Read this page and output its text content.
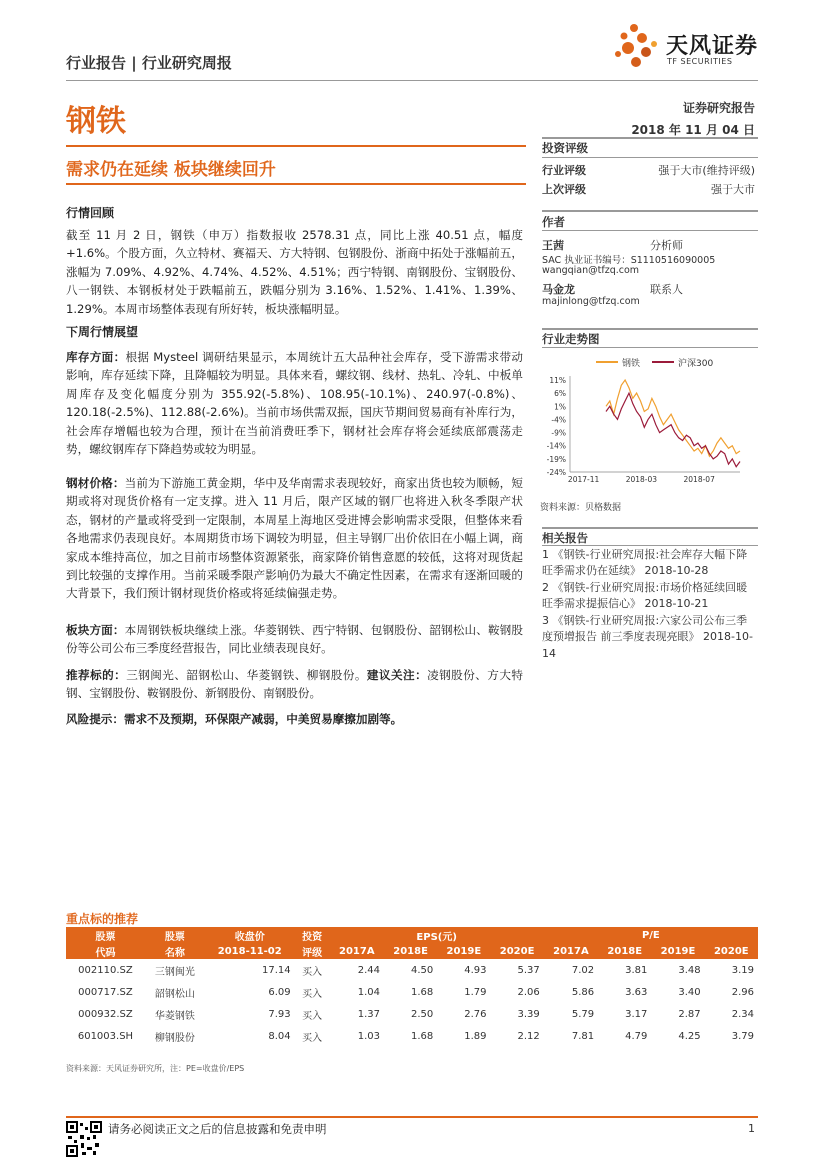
行业报告 | 行业研究周报
天风证券
TF SECURITIES
钢铁	证券研究报告
2018 年 11 月 04 日
需求仍在延续 板块继续回升
行情回顾
截至 11 月 2 日，钢铁（申万）指数报收 2578.31 点，同比上涨 40.51 点，幅度+1.6%。个股方面，久立特材、赛福天、方大特钢、包钢股份、浙商中拓处于涨幅前五，涨幅为 7.09%、4.92%、4.74%、4.52%、4.51%；西宁特钢、南钢股份、宝钢股份、八一钢铁、本钢板材处于跌幅前五，跌幅分别为 3.16%、1.52%、1.41%、1.39%、1.29%。本周市场整体表现有所好转，板块涨幅明显。
下周行情展望
库存方面：根据 Mysteel 调研结果显示，本周统计五大品种社会库存，受下游需求带动影响，库存延续下降，且降幅较为明显。具体来看，螺纹钢、线材、热轧、冷轧、中板单周库存及变化幅度分别为 355.92(-5.8%)、108.95(-10.1%)、240.97(-0.8%)、120.18(-2.5%)、112.88(-2.6%)。当前市场供需双振，国庆节期间贸易商有补库行为，社会库存增幅也较为合理，预计在当前消费旺季下，钢材社会库存将会延续底部震荡走势，螺纹钢库存下降趋势或较为明显。
钢材价格：当前为下游施工黄金期，华中及华南需求表现较好，商家出货也较为顺畅，短期或将对现货价格有一定支撑。进入 11 月后，限产区域的钢厂也将进入秋冬季限产状态，钢材的产量或将受到一定限制，本周星上海地区受进博会影响需求受限，但整体来看各地需求仍表现良好。本周期货市场下调较为明显，但主导钢厂出价依旧在小幅上调，商家成本维持高位，加之目前市场整体资源紧张，商家降价销售意愿的较低，这将对现货起到比较强的支撑作用。当前采暖季限产影响仍为最大不确定性因素，在需求有逐渐回暖的大背景下，我们预计钢材现货价格或将延续偏强走势。
板块方面：本周钢铁板块继续上涨。华菱钢铁、西宁特钢、包钢股份、韶钢松山、鞍钢股份等公司公布三季度经营报告，同比业绩表现良好。
推荐标的：三钢闽光、韶钢松山、华菱钢铁、柳钢股份。建议关注：凌钢股份、方大特钢、宝钢股份、鞍钢股份、新钢股份、南钢股份。
风险提示：需求不及预期，环保限产减弱，中美贸易摩擦加剧等。
投资评级
行业评级	强于大市(维持评级)
上次评级	强于大市
作者
王茜	分析师
SAC 执业证书编号：S1110516090005
wangqian@tfzq.com
马金龙	联系人
majinlong@tfzq.com
行业走势图
钢铁	沪深300
11%
6%
1%
-4%
-9%
-14%
-19%
-24%
2017-11	2018-03	2018-07
资料来源：贝格数据
相关报告
1 《钢铁-行业研究周报:社会库存大幅下降 旺季需求仍在延续》 2018-10-28
2 《钢铁-行业研究周报:市场价格延续回暖 旺季需求提振信心》 2018-10-21
3 《钢铁-行业研究周报:六家公司公布三季度预增报告 前三季度表现亮眼》 2018-10-14
重点标的推荐
股票	股票	收盘价	投资	EPS(元)				P/E			
代码	名称	2018-11-02	评级	2017A	2018E	2019E	2020E	2017A	2018E	2019E	2020E
002110.SZ	三钢闽光	17.14	买入	2.44	4.50	4.93	5.37	7.02	3.81	3.48	3.19
000717.SZ	韶钢松山	6.09	买入	1.04	1.68	1.79	2.06	5.86	3.63	3.40	2.96
000932.SZ	华菱钢铁	7.93	买入	1.37	2.50	2.76	3.39	5.79	3.17	2.87	2.34
601003.SH	柳钢股份	8.04	买入	1.03	1.68	1.89	2.12	7.81	4.79	4.25	3.79
资料来源：天风证券研究所，注：PE=收盘价/EPS
请务必阅读正文之后的信息披露和免责申明	1
